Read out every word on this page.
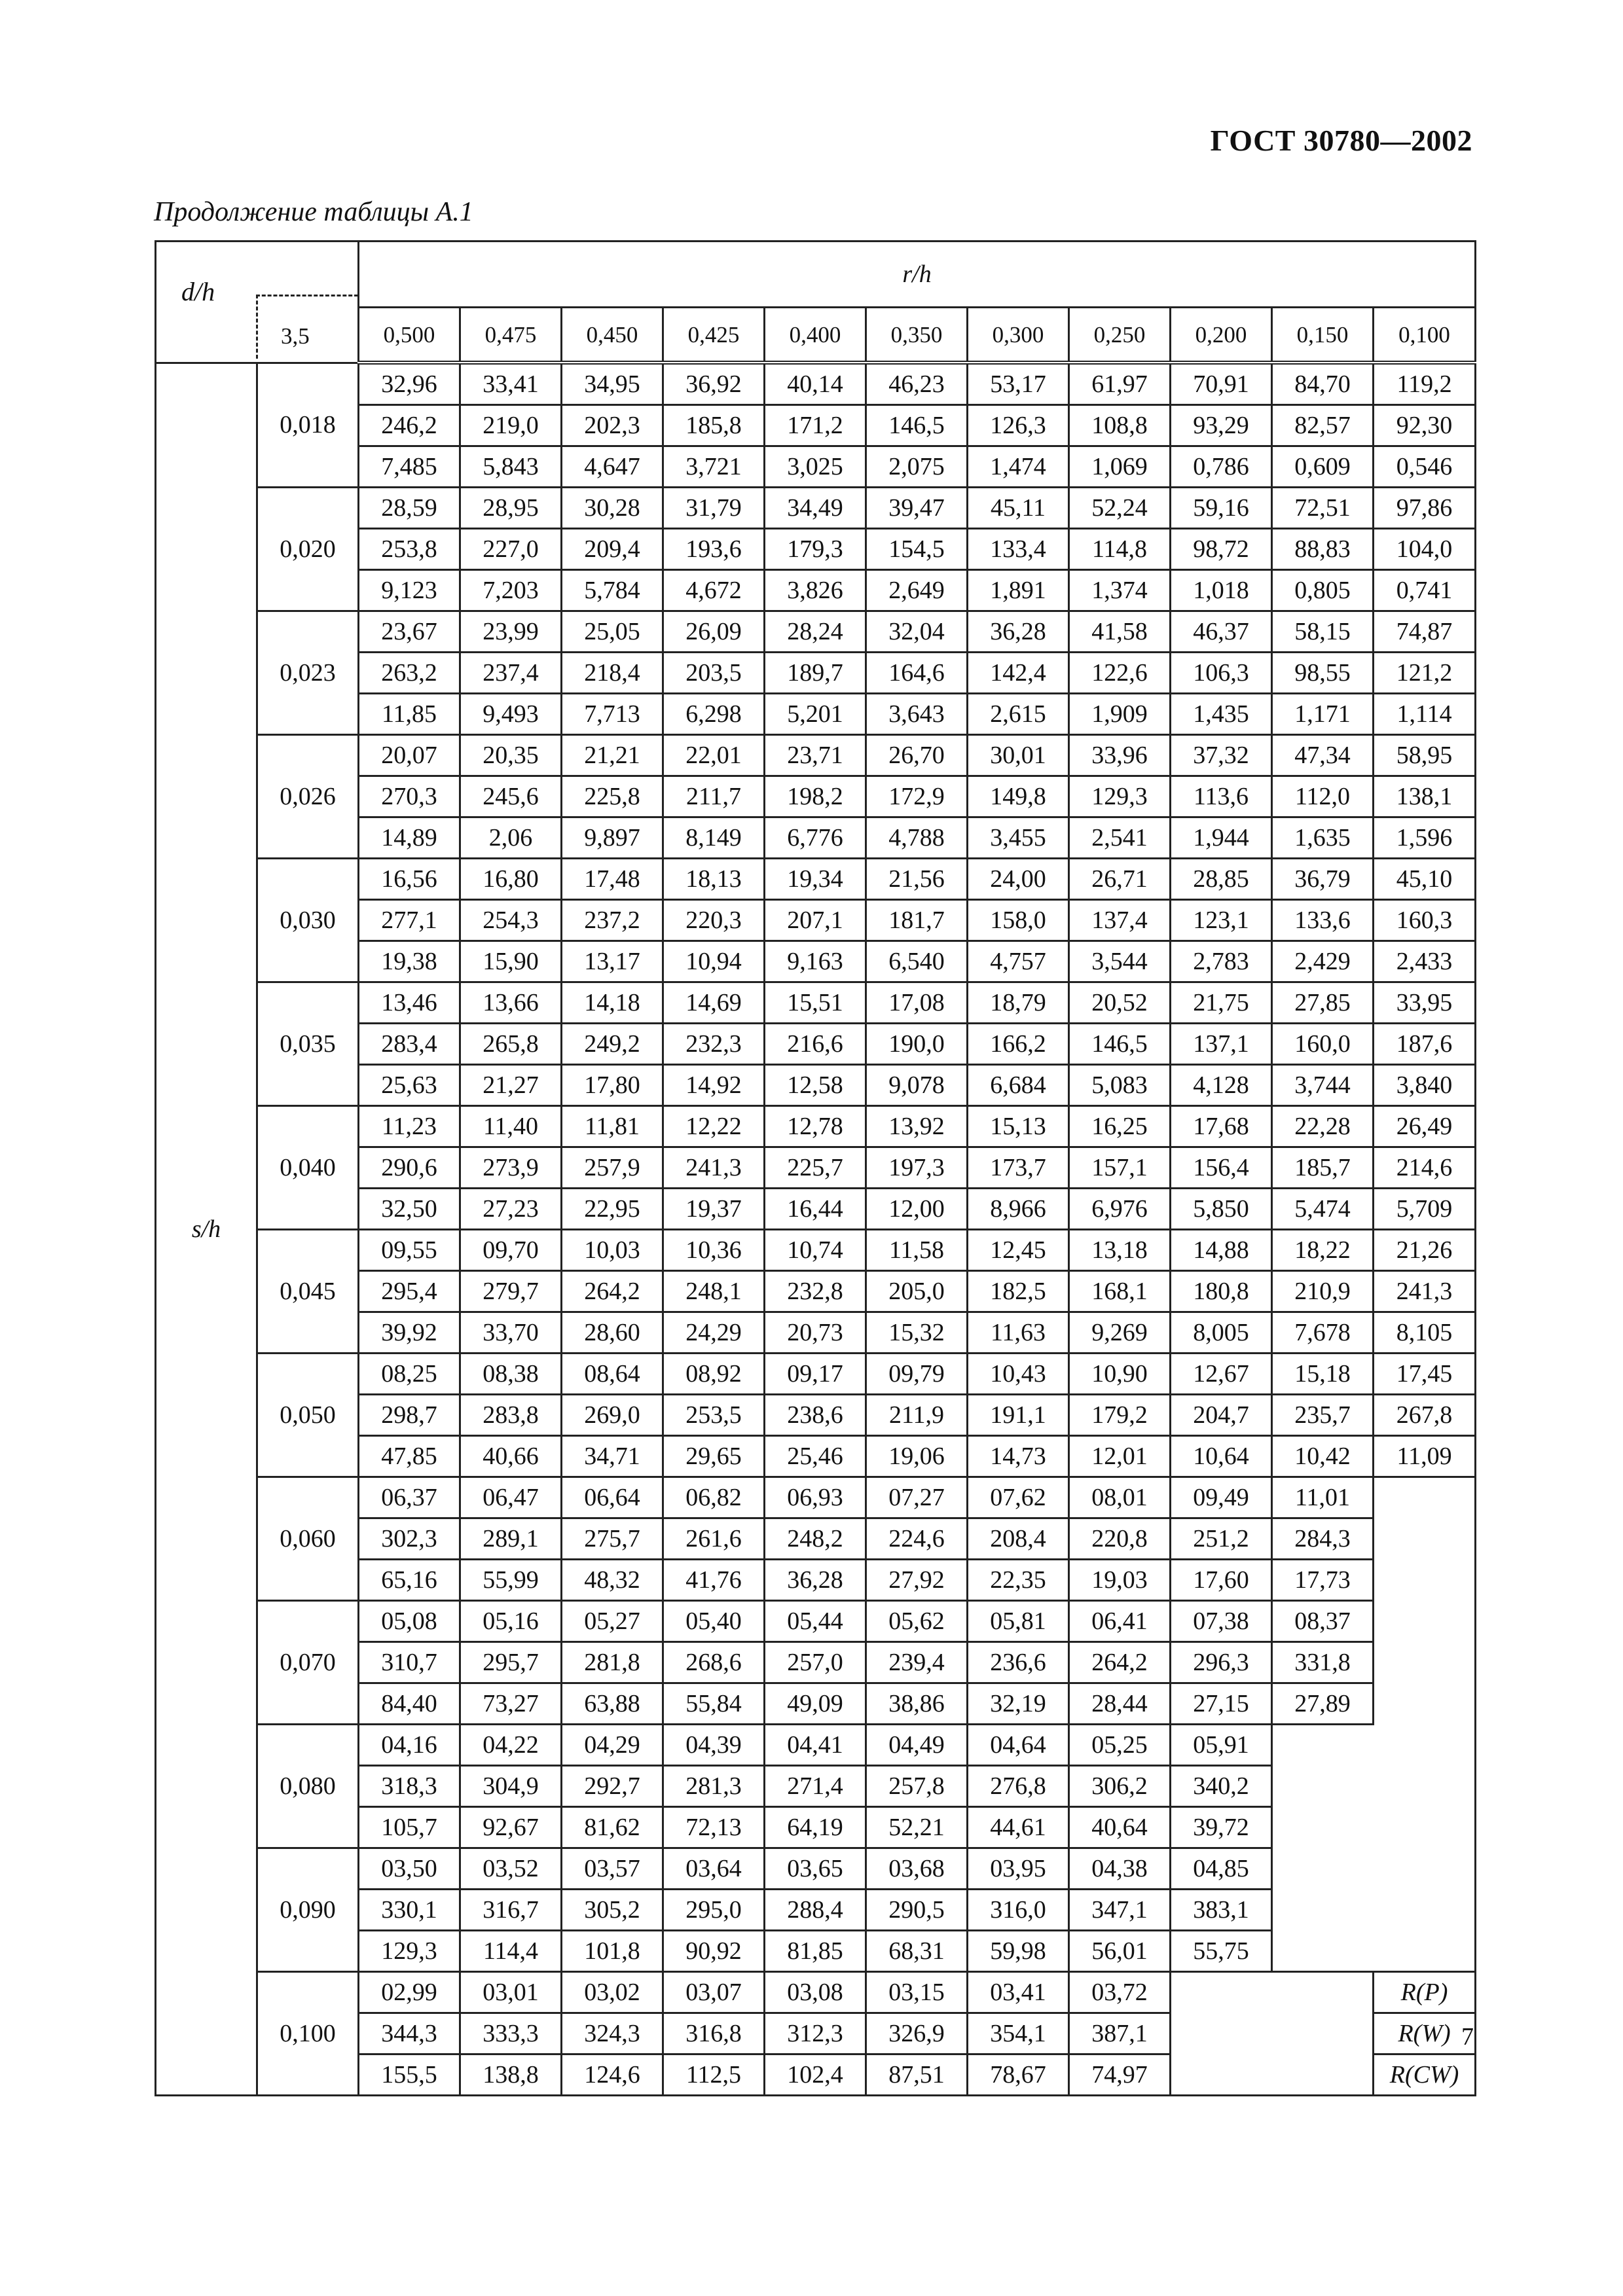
ГОСТ 30780—2002
Продолжение таблицы А.1
d/h
3,5		r/h										
		0,500	0,475	0,450	0,425	0,400	0,350	0,300	0,250	0,200	0,150	0,100
s/h	0,018	32,96	33,41	34,95	36,92	40,14	46,23	53,17	61,97	70,91	84,70	119,2
		246,2	219,0	202,3	185,8	171,2	146,5	126,3	108,8	93,29	82,57	92,30
		7,485	5,843	4,647	3,721	3,025	2,075	1,474	1,069	0,786	0,609	0,546
	0,020	28,59	28,95	30,28	31,79	34,49	39,47	45,11	52,24	59,16	72,51	97,86
		253,8	227,0	209,4	193,6	179,3	154,5	133,4	114,8	98,72	88,83	104,0
		9,123	7,203	5,784	4,672	3,826	2,649	1,891	1,374	1,018	0,805	0,741
	0,023	23,67	23,99	25,05	26,09	28,24	32,04	36,28	41,58	46,37	58,15	74,87
		263,2	237,4	218,4	203,5	189,7	164,6	142,4	122,6	106,3	98,55	121,2
		11,85	9,493	7,713	6,298	5,201	3,643	2,615	1,909	1,435	1,171	1,114
	0,026	20,07	20,35	21,21	22,01	23,71	26,70	30,01	33,96	37,32	47,34	58,95
		270,3	245,6	225,8	211,7	198,2	172,9	149,8	129,3	113,6	112,0	138,1
		14,89	2,06	9,897	8,149	6,776	4,788	3,455	2,541	1,944	1,635	1,596
	0,030	16,56	16,80	17,48	18,13	19,34	21,56	24,00	26,71	28,85	36,79	45,10
		277,1	254,3	237,2	220,3	207,1	181,7	158,0	137,4	123,1	133,6	160,3
		19,38	15,90	13,17	10,94	9,163	6,540	4,757	3,544	2,783	2,429	2,433
	0,035	13,46	13,66	14,18	14,69	15,51	17,08	18,79	20,52	21,75	27,85	33,95
		283,4	265,8	249,2	232,3	216,6	190,0	166,2	146,5	137,1	160,0	187,6
		25,63	21,27	17,80	14,92	12,58	9,078	6,684	5,083	4,128	3,744	3,840
	0,040	11,23	11,40	11,81	12,22	12,78	13,92	15,13	16,25	17,68	22,28	26,49
		290,6	273,9	257,9	241,3	225,7	197,3	173,7	157,1	156,4	185,7	214,6
		32,50	27,23	22,95	19,37	16,44	12,00	8,966	6,976	5,850	5,474	5,709
	0,045	09,55	09,70	10,03	10,36	10,74	11,58	12,45	13,18	14,88	18,22	21,26
		295,4	279,7	264,2	248,1	232,8	205,0	182,5	168,1	180,8	210,9	241,3
		39,92	33,70	28,60	24,29	20,73	15,32	11,63	9,269	8,005	7,678	8,105
	0,050	08,25	08,38	08,64	08,92	09,17	09,79	10,43	10,90	12,67	15,18	17,45
		298,7	283,8	269,0	253,5	238,6	211,9	191,1	179,2	204,7	235,7	267,8
		47,85	40,66	34,71	29,65	25,46	19,06	14,73	12,01	10,64	10,42	11,09
	0,060	06,37	06,47	06,64	06,82	06,93	07,27	07,62	08,01	09,49	11,01	
		302,3	289,1	275,7	261,6	248,2	224,6	208,4	220,8	251,2	284,3	
		65,16	55,99	48,32	41,76	36,28	27,92	22,35	19,03	17,60	17,73	
	0,070	05,08	05,16	05,27	05,40	05,44	05,62	05,81	06,41	07,38	08,37	
		310,7	295,7	281,8	268,6	257,0	239,4	236,6	264,2	296,3	331,8	
		84,40	73,27	63,88	55,84	49,09	38,86	32,19	28,44	27,15	27,89	
	0,080	04,16	04,22	04,29	04,39	04,41	04,49	04,64	05,25	05,91		
		318,3	304,9	292,7	281,3	271,4	257,8	276,8	306,2	340,2		
		105,7	92,67	81,62	72,13	64,19	52,21	44,61	40,64	39,72		
	0,090	03,50	03,52	03,57	03,64	03,65	03,68	03,95	04,38	04,85		
		330,1	316,7	305,2	295,0	288,4	290,5	316,0	347,1	383,1		
		129,3	114,4	101,8	90,92	81,85	68,31	59,98	56,01	55,75		
	0,100	02,99	03,01	03,02	03,07	03,08	03,15	03,41	03,72			R(P)
		344,3	333,3	324,3	316,8	312,3	326,9	354,1	387,1			R(W)
		155,5	138,8	124,6	112,5	102,4	87,51	78,67	74,97			R(CW)
7
